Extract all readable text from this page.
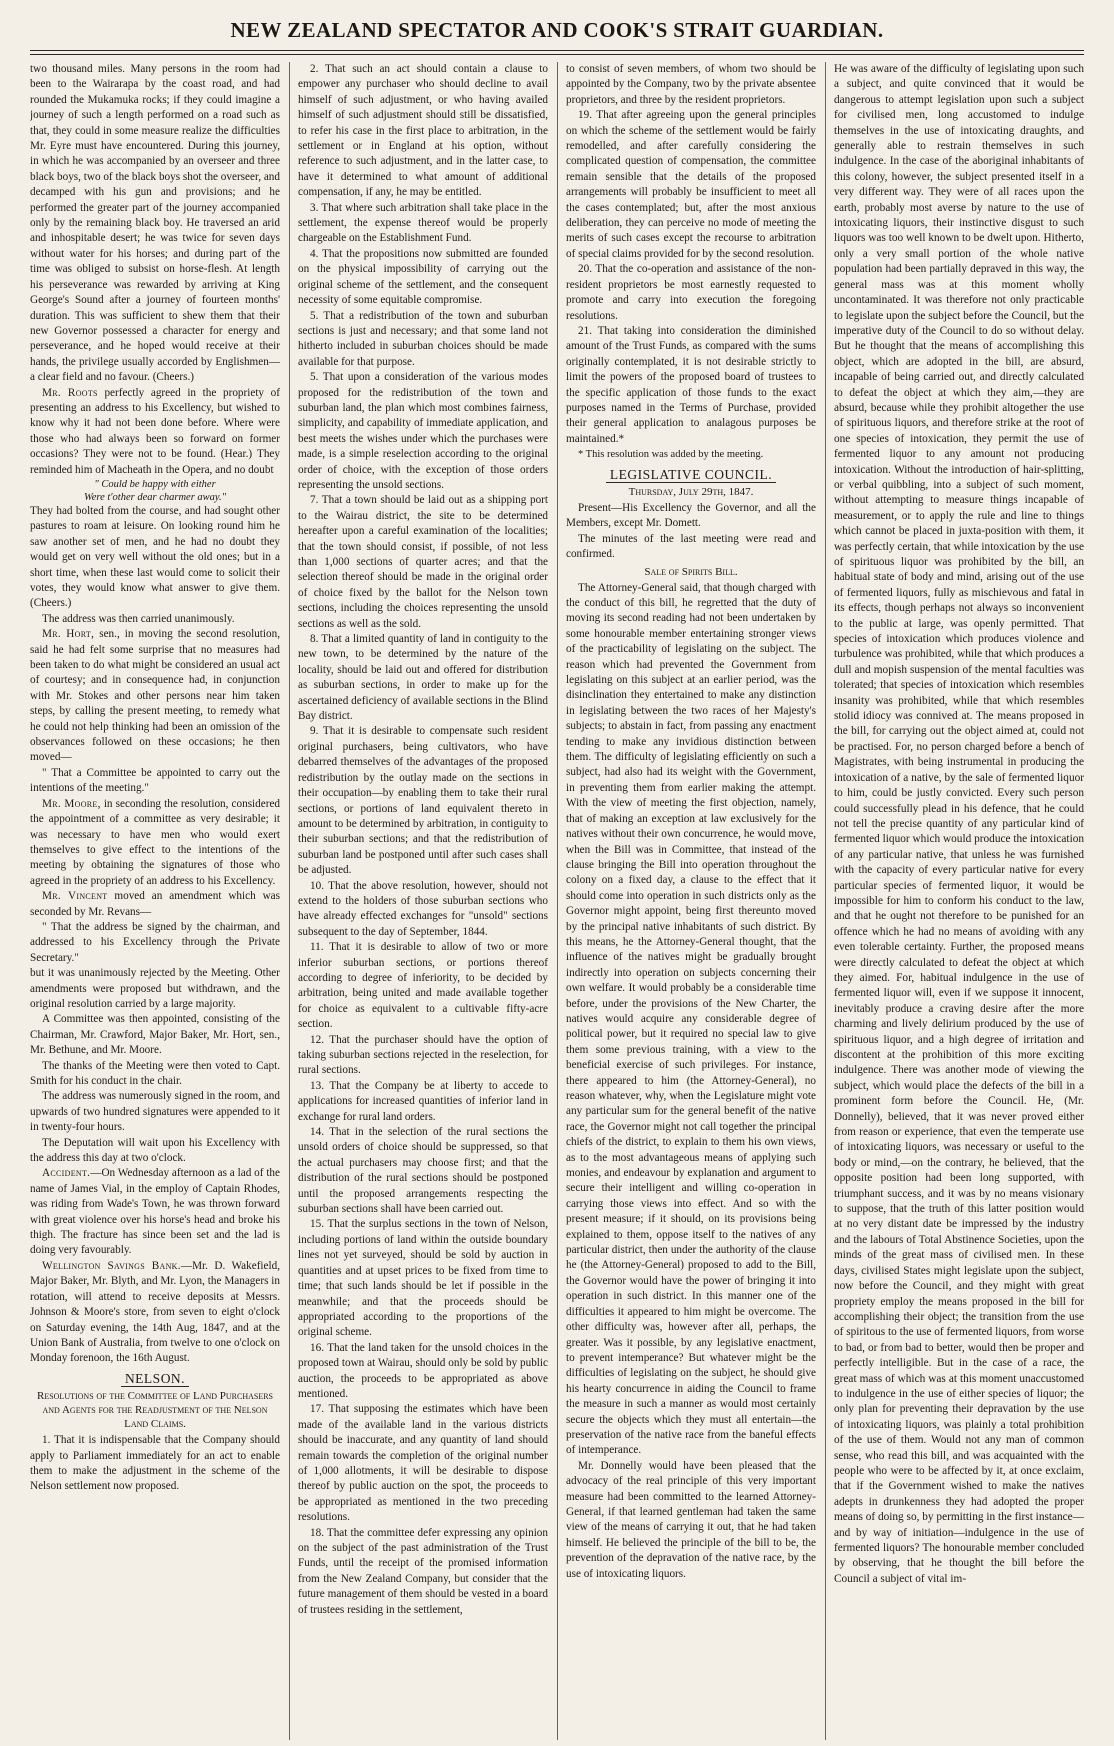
NEW ZEALAND SPECTATOR AND COOK'S STRAIT GUARDIAN.

two thousand miles. Many persons in the room had been to the Wairarapa by the coast road, and had rounded the Mukamuka rocks; if they could imagine a journey of such a length performed on a road such as that, they could in some measure realize the difficulties Mr. Eyre must have encountered. During this journey, in which he was accompanied by an overseer and three black boys, two of the black boys shot the overseer, and decamped with his gun and provisions; and he performed the greater part of the journey accompanied only by the remaining black boy. He traversed an arid and inhospitable desert; he was twice for seven days without water for his horses; and during part of the time was obliged to subsist on horse-flesh. At length his perseverance was rewarded by arriving at King George's Sound after a journey of fourteen months' duration. This was sufficient to shew them that their new Governor possessed a character for energy and perseverance, and he hoped would receive at their hands, the privilege usually accorded by Englishmen—a clear field and no favour. (Cheers.)

Mr. Roots perfectly agreed in the propriety of presenting an address to his Excellency, but wished to know why it had not been done before. Where were those who had always been so forward on former occasions? They were not to be found. (Hear.) They reminded him of Macheath in the Opera, and no doubt

" Could be happy with either

Were t'other dear charmer away."

They had bolted from the course, and had sought other pastures to roam at leisure. On looking round him he saw another set of men, and he had no doubt they would get on very well without the old ones; but in a short time, when these last would come to solicit their votes, they would know what answer to give them. (Cheers.)

The address was then carried unanimously.

Mr. Hort, sen., in moving the second resolution, said he had felt some surprise that no measures had been taken to do what might be considered an usual act of courtesy; and in consequence had, in conjunction with Mr. Stokes and other persons near him taken steps, by calling the present meeting, to remedy what he could not help thinking had been an omission of the observances followed on these occasions; he then moved—

" That a Committee be appointed to carry out the intentions of the meeting."

Mr. Moore, in seconding the resolution, considered the appointment of a committee as very desirable; it was necessary to have men who would exert themselves to give effect to the intentions of the meeting by obtaining the signatures of those who agreed in the propriety of an address to his Excellency.

Mr. Vincent moved an amendment which was seconded by Mr. Revans—

" That the address be signed by the chairman, and addressed to his Excellency through the Private Secretary."

but it was unanimously rejected by the Meeting. Other amendments were proposed but withdrawn, and the original resolution carried by a large majority.

A Committee was then appointed, consisting of the Chairman, Mr. Crawford, Major Baker, Mr. Hort, sen., Mr. Bethune, and Mr. Moore.

The thanks of the Meeting were then voted to Capt. Smith for his conduct in the chair.

The address was numerously signed in the room, and upwards of two hundred signatures were appended to it in twenty-four hours.

The Deputation will wait upon his Excellency with the address this day at two o'clock.

Accident.—On Wednesday afternoon as a lad of the name of James Vial, in the employ of Captain Rhodes, was riding from Wade's Town, he was thrown forward with great violence over his horse's head and broke his thigh. The fracture has since been set and the lad is doing very favourably.

Wellington Savings Bank.—Mr. D. Wakefield, Major Baker, Mr. Blyth, and Mr. Lyon, the Managers in rotation, will attend to receive deposits at Messrs. Johnson & Moore's store, from seven to eight o'clock on Saturday evening, the 14th Aug, 1847, and at the Union Bank of Australia, from twelve to one o'clock on Monday forenoon, the 16th August.

NELSON.
Resolutions of the Committee of Land Purchasers and Agents for the Readjustment of the Nelson Land Claims.

1. That it is indispensable that the Company should apply to Parliament immediately for an act to enable them to make the adjustment in the scheme of the Nelson settlement now proposed.

2. That such an act should contain a clause to empower any purchaser who should decline to avail himself of such adjustment, or who having availed himself of such adjustment should still be dissatisfied, to refer his case in the first place to arbitration, in the settlement or in England at his option, without reference to such adjustment, and in the latter case, to have it determined to what amount of additional compensation, if any, he may be entitled.

3. That where such arbitration shall take place in the settlement, the expense thereof would be properly chargeable on the Establishment Fund.

4. That the propositions now submitted are founded on the physical impossibility of carrying out the original scheme of the settlement, and the consequent necessity of some equitable compromise.

5. That a redistribution of the town and suburban sections is just and necessary; and that some land not hitherto included in suburban choices should be made available for that purpose.

5. That upon a consideration of the various modes proposed for the redistribution of the town and suburban land, the plan which most combines fairness, simplicity, and capability of immediate application, and best meets the wishes under which the purchases were made, is a simple reselection according to the original order of choice, with the exception of those orders representing the unsold sections.

7. That a town should be laid out as a shipping port to the Wairau district, the site to be determined hereafter upon a careful examination of the localities; that the town should consist, if possible, of not less than 1,000 sections of quarter acres; and that the selection thereof should be made in the original order of choice fixed by the ballot for the Nelson town sections, including the choices representing the unsold sections as well as the sold.

8. That a limited quantity of land in contiguity to the new town, to be determined by the nature of the locality, should be laid out and offered for distribution as suburban sections, in order to make up for the ascertained deficiency of available sections in the Blind Bay district.

9. That it is desirable to compensate such resident original purchasers, being cultivators, who have debarred themselves of the advantages of the proposed redistribution by the outlay made on the sections in their occupation—by enabling them to take their rural sections, or portions of land equivalent thereto in amount to be determined by arbitration, in contiguity to their suburban sections; and that the redistribution of suburban land be postponed until after such cases shall be adjusted.

10. That the above resolution, however, should not extend to the holders of those suburban sections who have already effected exchanges for "unsold" sections subsequent to the day of September, 1844.

11. That it is desirable to allow of two or more inferior suburban sections, or portions thereof according to degree of inferiority, to be decided by arbitration, being united and made available together for choice as equivalent to a cultivable fifty-acre section.

12. That the purchaser should have the option of taking suburban sections rejected in the reselection, for rural sections.

13. That the Company be at liberty to accede to applications for increased quantities of inferior land in exchange for rural land orders.

14. That in the selection of the rural sections the unsold orders of choice should be suppressed, so that the actual purchasers may choose first; and that the distribution of the rural sections should be postponed until the proposed arrangements respecting the suburban sections shall have been carried out.

15. That the surplus sections in the town of Nelson, including portions of land within the outside boundary lines not yet surveyed, should be sold by auction in quantities and at upset prices to be fixed from time to time; that such lands should be let if possible in the meanwhile; and that the proceeds should be appropriated according to the proportions of the original scheme.

16. That the land taken for the unsold choices in the proposed town at Wairau, should only be sold by public auction, the proceeds to be appropriated as above mentioned.

17. That supposing the estimates which have been made of the available land in the various districts should be inaccurate, and any quantity of land should remain towards the completion of the original number of 1,000 allotments, it will be desirable to dispose thereof by public auction on the spot, the proceeds to be appropriated as mentioned in the two preceding resolutions.

18. That the committee defer expressing any opinion on the subject of the past administration of the Trust Funds, until the receipt of the promised information from the New Zealand Company, but consider that the future management of them should be vested in a board of trustees residing in the settlement,

to consist of seven members, of whom two should be appointed by the Company, two by the private absentee proprietors, and three by the resident proprietors.

19. That after agreeing upon the general principles on which the scheme of the settlement would be fairly remodelled, and after carefully considering the complicated question of compensation, the committee remain sensible that the details of the proposed arrangements will probably be insufficient to meet all the cases contemplated; but, after the most anxious deliberation, they can perceive no mode of meeting the merits of such cases except the recourse to arbitration of special claims provided for by the second resolution.

20. That the co-operation and assistance of the non-resident proprietors be most earnestly requested to promote and carry into execution the foregoing resolutions.

21. That taking into consideration the diminished amount of the Trust Funds, as compared with the sums originally contemplated, it is not desirable strictly to limit the powers of the proposed board of trustees to the specific application of those funds to the exact purposes named in the Terms of Purchase, provided their general application to analagous purposes be maintained.*

* This resolution was added by the meeting.

LEGISLATIVE COUNCIL.
Thursday, July 29th, 1847.

Present—His Excellency the Governor, and all the Members, except Mr. Domett.

The minutes of the last meeting were read and confirmed.

Sale of Spirits Bill.

The Attorney-General said, that though charged with the conduct of this bill, he regretted that the duty of moving its second reading had not been undertaken by some honourable member entertaining stronger views of the practicability of legislating on the subject. The reason which had prevented the Government from legislating on this subject at an earlier period, was the disinclination they entertained to make any distinction in legislating between the two races of her Majesty's subjects; to abstain in fact, from passing any enactment tending to make any invidious distinction between them. The difficulty of legislating efficiently on such a subject, had also had its weight with the Government, in preventing them from earlier making the attempt. With the view of meeting the first objection, namely, that of making an exception at law exclusively for the natives without their own concurrence, he would move, when the Bill was in Committee, that instead of the clause bringing the Bill into operation throughout the colony on a fixed day, a clause to the effect that it should come into operation in such districts only as the Governor might appoint, being first thereunto moved by the principal native inhabitants of such district. By this means, he the Attorney-General thought, that the influence of the natives might be gradually brought indirectly into operation on subjects concerning their own welfare. It would probably be a considerable time before, under the provisions of the New Charter, the natives would acquire any considerable degree of political power, but it required no special law to give them some previous training, with a view to the beneficial exercise of such privileges. For instance, there appeared to him (the Attorney-General), no reason whatever, why, when the Legislature might vote any particular sum for the general benefit of the native race, the Governor might not call together the principal chiefs of the district, to explain to them his own views, as to the most advantageous means of applying such monies, and endeavour by explanation and argument to secure their intelligent and willing co-operation in carrying those views into effect. And so with the present measure; if it should, on its provisions being explained to them, oppose itself to the natives of any particular district, then under the authority of the clause he (the Attorney-General) proposed to add to the Bill, the Governor would have the power of bringing it into operation in such district. In this manner one of the difficulties it appeared to him might be overcome. The other difficulty was, however after all, perhaps, the greater. Was it possible, by any legislative enactment, to prevent intemperance? But whatever might be the difficulties of legislating on the subject, he should give his hearty concurrence in aiding the Council to frame the measure in such a manner as would most certainly secure the objects which they must all entertain—the preservation of the native race from the baneful effects of intemperance.

Mr. Donnelly would have been pleased that the advocacy of the real principle of this very important measure had been committed to the learned Attorney-General, if that learned gentleman had taken the same view of the means of carrying it out, that he had taken himself. He believed the principle of the bill to be, the prevention of the depravation of the native race, by the use of intoxicating liquors.

He was aware of the difficulty of legislating upon such a subject, and quite convinced that it would be dangerous to attempt legislation upon such a subject for civilised men, long accustomed to indulge themselves in the use of intoxicating draughts, and generally able to restrain themselves in such indulgence. In the case of the aboriginal inhabitants of this colony, however, the subject presented itself in a very different way. They were of all races upon the earth, probably most averse by nature to the use of intoxicating liquors, their instinctive disgust to such liquors was too well known to be dwelt upon. Hitherto, only a very small portion of the whole native population had been partially depraved in this way, the general mass was at this moment wholly uncontaminated. It was therefore not only practicable to legislate upon the subject before the Council, but the imperative duty of the Council to do so without delay. But he thought that the means of accomplishing this object, which are adopted in the bill, are absurd, incapable of being carried out, and directly calculated to defeat the object at which they aim,—they are absurd, because while they prohibit altogether the use of spirituous liquors, and therefore strike at the root of one species of intoxication, they permit the use of fermented liquor to any amount not producing intoxication. Without the introduction of hair-splitting, or verbal quibbling, into a subject of such moment, without attempting to measure things incapable of measurement, or to apply the rule and line to things which cannot be placed in juxta-position with them, it was perfectly certain, that while intoxication by the use of spirituous liquor was prohibited by the bill, an habitual state of body and mind, arising out of the use of fermented liquors, fully as mischievous and fatal in its effects, though perhaps not always so inconvenient to the public at large, was openly permitted. That species of intoxication which produces violence and turbulence was prohibited, while that which produces a dull and mopish suspension of the mental faculties was tolerated; that species of intoxication which resembles insanity was prohibited, while that which resembles stolid idiocy was connived at. The means proposed in the bill, for carrying out the object aimed at, could not be practised. For, no person charged before a bench of Magistrates, with being instrumental in producing the intoxication of a native, by the sale of fermented liquor to him, could be justly convicted. Every such person could successfully plead in his defence, that he could not tell the precise quantity of any particular kind of fermented liquor which would produce the intoxication of any particular native, that unless he was furnished with the capacity of every particular native for every particular species of fermented liquor, it would be impossible for him to conform his conduct to the law, and that he ought not therefore to be punished for an offence which he had no means of avoiding with any even tolerable certainty. Further, the proposed means were directly calculated to defeat the object at which they aimed. For, habitual indulgence in the use of fermented liquor will, even if we suppose it innocent, inevitably produce a craving desire after the more charming and lively delirium produced by the use of spirituous liquor, and a high degree of irritation and discontent at the prohibition of this more exciting indulgence. There was another mode of viewing the subject, which would place the defects of the bill in a prominent form before the Council. He, (Mr. Donnelly), believed, that it was never proved either from reason or experience, that even the temperate use of intoxicating liquors, was necessary or useful to the body or mind,—on the contrary, he believed, that the opposite position had been long supported, with triumphant success, and it was by no means visionary to suppose, that the truth of this latter position would at no very distant date be impressed by the industry and the labours of Total Abstinence Societies, upon the minds of the great mass of civilised men. In these days, civilised States might legislate upon the subject, now before the Council, and they might with great propriety employ the means proposed in the bill for accomplishing their object; the transition from the use of spiritous to the use of fermented liquors, from worse to bad, or from bad to better, would then be proper and perfectly intelligible. But in the case of a race, the great mass of which was at this moment unaccustomed to indulgence in the use of either species of liquor; the only plan for preventing their depravation by the use of intoxicating liquors, was plainly a total prohibition of the use of them. Would not any man of common sense, who read this bill, and was acquainted with the people who were to be affected by it, at once exclaim, that if the Government wished to make the natives adepts in drunkenness they had adopted the proper means of doing so, by permitting in the first instance—and by way of initiation—indulgence in the use of fermented liquors? The honourable member concluded by observing, that he thought the bill before the Council a subject of vital im-
